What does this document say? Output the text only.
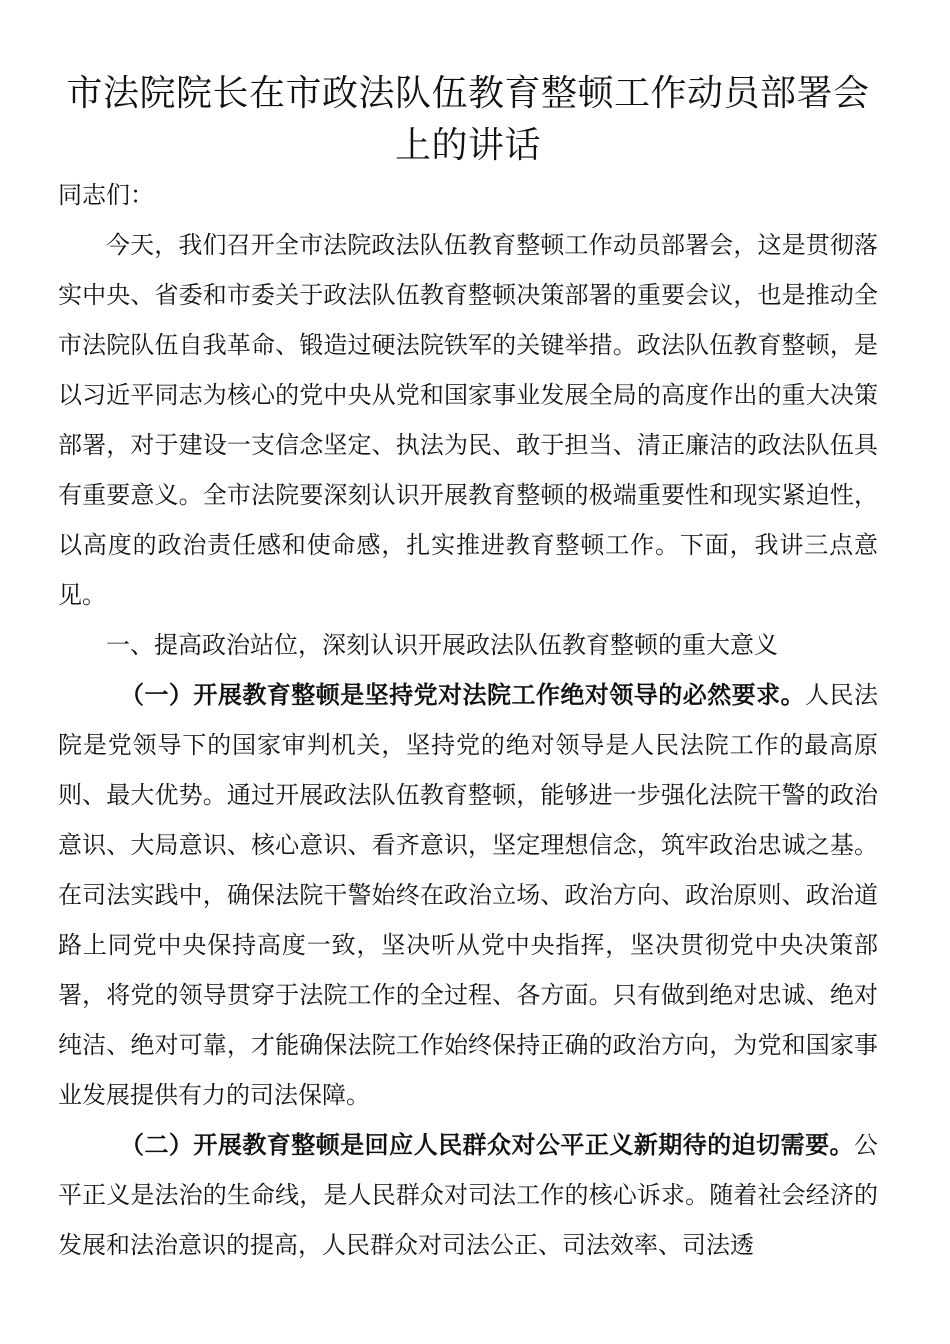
市法院院长在市政法队伍教育整顿工作动员部署会上的讲话

同志们：

今天，我们召开全市法院政法队伍教育整顿工作动员部署会，这是贯彻落实中央、省委和市委关于政法队伍教育整顿决策部署的重要会议，也是推动全市法院队伍自我革命、锻造过硬法院铁军的关键举措。政法队伍教育整顿，是以习近平同志为核心的党中央从党和国家事业发展全局的高度作出的重大决策部署，对于建设一支信念坚定、执法为民、敢于担当、清正廉洁的政法队伍具有重要意义。全市法院要深刻认识开展教育整顿的极端重要性和现实紧迫性，以高度的政治责任感和使命感，扎实推进教育整顿工作。下面，我讲三点意见。

一、提高政治站位，深刻认识开展政法队伍教育整顿的重大意义

（一）开展教育整顿是坚持党对法院工作绝对领导的必然要求。人民法院是党领导下的国家审判机关，坚持党的绝对领导是人民法院工作的最高原则、最大优势。通过开展政法队伍教育整顿，能够进一步强化法院干警的政治意识、大局意识、核心意识、看齐意识，坚定理想信念，筑牢政治忠诚之基。在司法实践中，确保法院干警始终在政治立场、政治方向、政治原则、政治道路上同党中央保持高度一致，坚决听从党中央指挥，坚决贯彻党中央决策部署，将党的领导贯穿于法院工作的全过程、各方面。只有做到绝对忠诚、绝对纯洁、绝对可靠，才能确保法院工作始终保持正确的政治方向，为党和国家事业发展提供有力的司法保障。

（二）开展教育整顿是回应人民群众对公平正义新期待的迫切需要。公平正义是法治的生命线，是人民群众对司法工作的核心诉求。随着社会经济的发展和法治意识的提高，人民群众对司法公正、司法效率、司法透
